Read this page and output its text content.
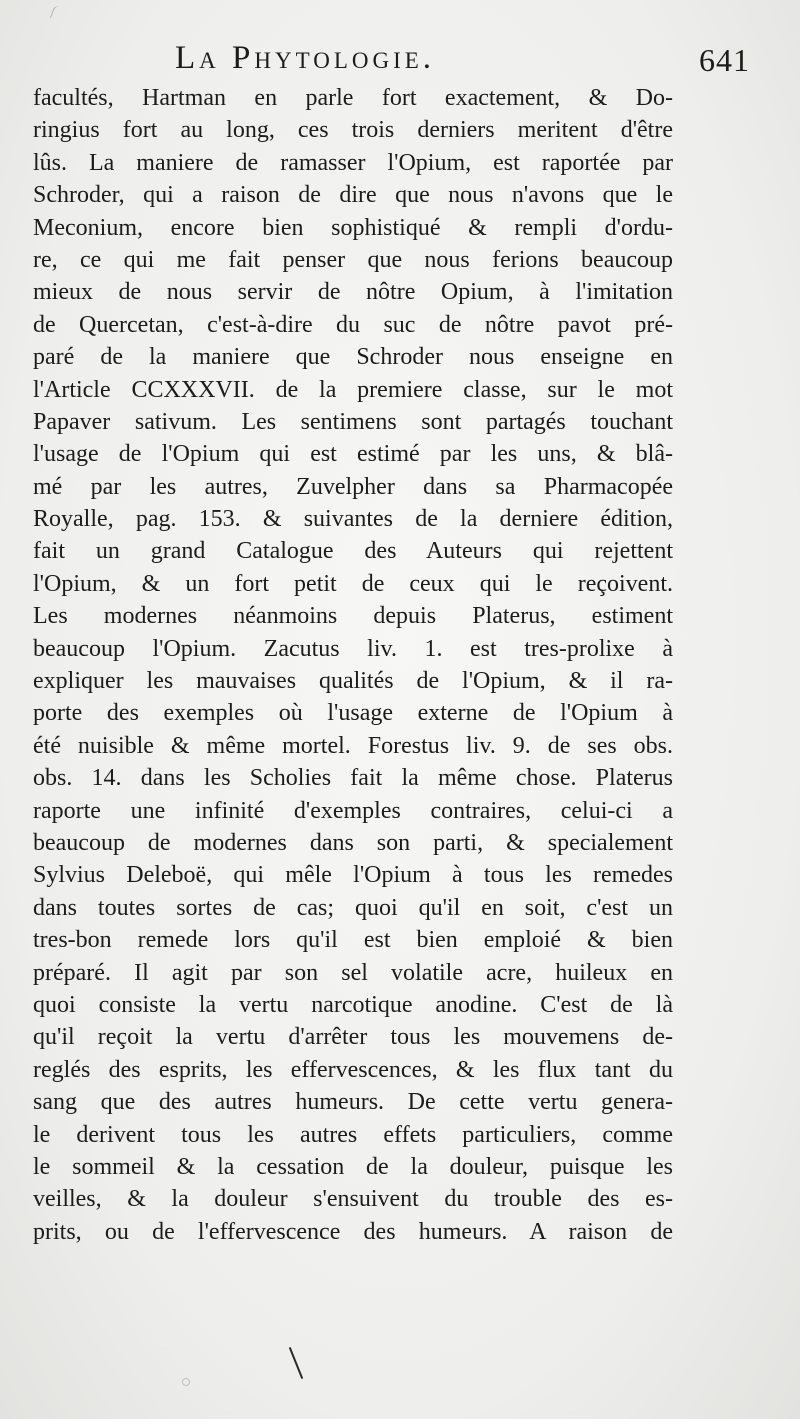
La Phytologie.	641
facultés, Hartman en parle fort exactement, & Do-
ringius fort au long, ces trois derniers meritent d'être
lûs. La maniere de ramasser l'Opium, est raportée par
Schroder, qui a raison de dire que nous n'avons que le
Meconium, encore bien sophistiqué & rempli d'ordu-
re, ce qui me fait penser que nous ferions beaucoup
mieux de nous servir de nôtre Opium, à l'imitation
de Quercetan, c'est-à-dire du suc de nôtre pavot pré-
paré de la maniere que Schroder nous enseigne en
l'Article CCXXXVII. de la premiere classe, sur le mot
Papaver sativum. Les sentimens sont partagés touchant
l'usage de l'Opium qui est estimé par les uns, & blâ-
mé par les autres, Zuvelpher dans sa Pharmacopée
Royalle, pag. 153. & suivantes de la derniere édition,
fait un grand Catalogue des Auteurs qui rejettent
l'Opium, & un fort petit de ceux qui le reçoivent.
Les modernes néanmoins depuis Platerus, estiment
beaucoup l'Opium. Zacutus liv. 1. est tres-prolixe à
expliquer les mauvaises qualités de l'Opium, & il ra-
porte des exemples où l'usage externe de l'Opium à
été nuisible & même mortel. Forestus liv. 9. de ses obs.
obs. 14. dans les Scholies fait la même chose. Platerus
raporte une infinité d'exemples contraires, celui-ci a
beaucoup de modernes dans son parti, & specialement
Sylvius Deleboë, qui mêle l'Opium à tous les remedes
dans toutes sortes de cas; quoi qu'il en soit, c'est un
tres-bon remede lors qu'il est bien emploié & bien
préparé. Il agit par son sel volatile acre, huileux en
quoi consiste la vertu narcotique anodine. C'est de là
qu'il reçoit la vertu d'arrêter tous les mouvemens de-
reglés des esprits, les effervescences, & les flux tant du
sang que des autres humeurs. De cette vertu genera-
le derivent tous les autres effets particuliers, comme
le sommeil & la cessation de la douleur, puisque les
veilles, & la douleur s'ensuivent du trouble des es-
prits, ou de l'effervescence des humeurs. A raison de
